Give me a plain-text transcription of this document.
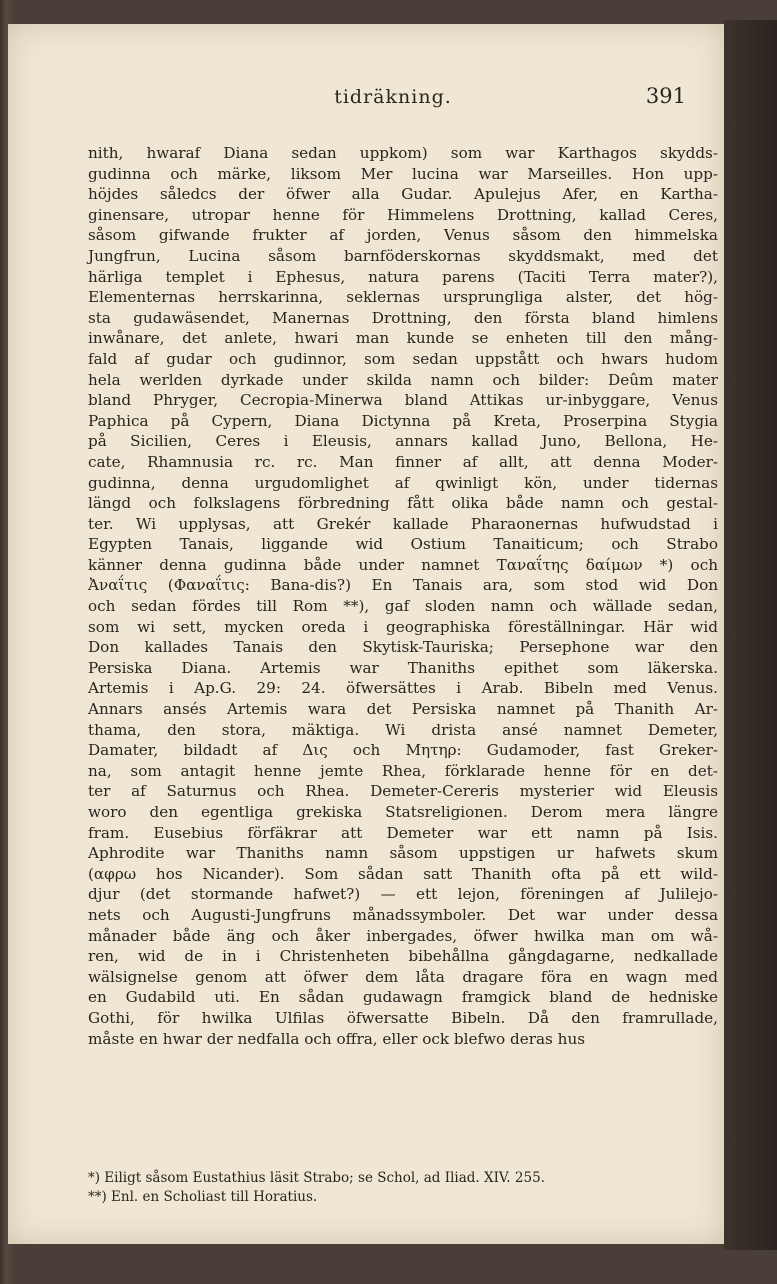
tidräkning.	391
nith, hwaraf Diana sedan uppkom) som war Karthagos skydds-
gudinna och märke, liksom Mer lucina war Marseilles. Hon upp-
höjdes såledcs der öfwer alla Gudar. Apulejus Afer, en Kartha-
ginensare, utropar henne för Himmelens Drottning, kallad Ceres,
såsom gifwande frukter af jorden, Venus såsom den himmelska
Jungfrun, Lucina såsom barnföderskornas skyddsmakt, med det
härliga templet i Ephesus, natura parens (Taciti Terra mater?),
Elementernas herrskarinna, seklernas ursprungliga alster, det hög-
sta gudawäsendet, Manernas Drottning, den första bland himlens
inwånare, det anlete, hwari man kunde se enheten till den mång-
fald af gudar och gudinnor, som sedan uppstått och hwars hudom
hela werlden dyrkade under skilda namn och bilder: Deûm mater
bland Phryger, Cecropia-Minerwa bland Attikas ur-inbyggare, Venus
Paphica på Cypern, Diana Dictynna på Kreta, Proserpina Stygia
på Sicilien, Ceres i Eleusis, annars kallad Juno, Bellona, He-
cate, Rhamnusia rc. rc. Man finner af allt, att denna Moder-
gudinna, denna urgudomlighet af qwinligt kön, under tidernas
längd och folkslagens förbredning fått olika både namn och gestal-
ter. Wi upplysas, att Grekér kallade Pharaonernas hufwudstad i
Egypten Tanais, liggande wid Ostium Tanaiticum; och Strabo
känner denna gudinna både under namnet Ταναΐτης δαίμων *) och
Ἀναΐτις (Φαναΐτις: Bana-dis?) En Tanais ara, som stod wid Don
och sedan fördes till Rom **), gaf sloden namn och wällade sedan,
som wi sett, mycken oreda i geographiska föreställningar. Här wid
Don kallades Tanais den Skytisk-Tauriska; Persephone war den
Persiska Diana. Artemis war Thaniths epithet som läkerska.
Artemis i Ap.G. 29: 24. öfwersättes i Arab. Bibeln med Venus.
Annars ansés Artemis wara det Persiska namnet på Thanith Ar-
thama, den stora, mäktiga. Wi drista ansé namnet Demeter,
Damater, bildadt af Δις och Μητηρ: Gudamoder, fast Greker-
na, som antagit henne jemte Rhea, förklarade henne för en det-
ter af Saturnus och Rhea. Demeter-Cereris mysterier wid Eleusis
woro den egentliga grekiska Statsreligionen. Derom mera längre
fram. Eusebius förfäkrar att Demeter war ett namn på Isis.
Aphrodite war Thaniths namn såsom uppstigen ur hafwets skum
(αφρω hos Nicander). Som sådan satt Thanith ofta på ett wild-
djur (det stormande hafwet?) — ett lejon, föreningen af Julilejo-
nets och Augusti-Jungfruns månadssymboler. Det war under dessa
månader både äng och åker inbergades, öfwer hwilka man om wå-
ren, wid de in i Christenheten bibehållna gångdagarne, nedkallade
wälsignelse genom att öfwer dem låta dragare föra en wagn med
en Gudabild uti. En sådan gudawagn framgick bland de hedniske
Gothi, för hwilka Ulfilas öfwersatte Bibeln. Då den framrullade,
måste en hwar der nedfalla och offra, eller ock blefwo deras hus
*) Eiligt såsom Eustathius läsit Strabo; se Schol, ad Iliad. XIV. 255.
**) Enl. en Scholiast till Horatius.
